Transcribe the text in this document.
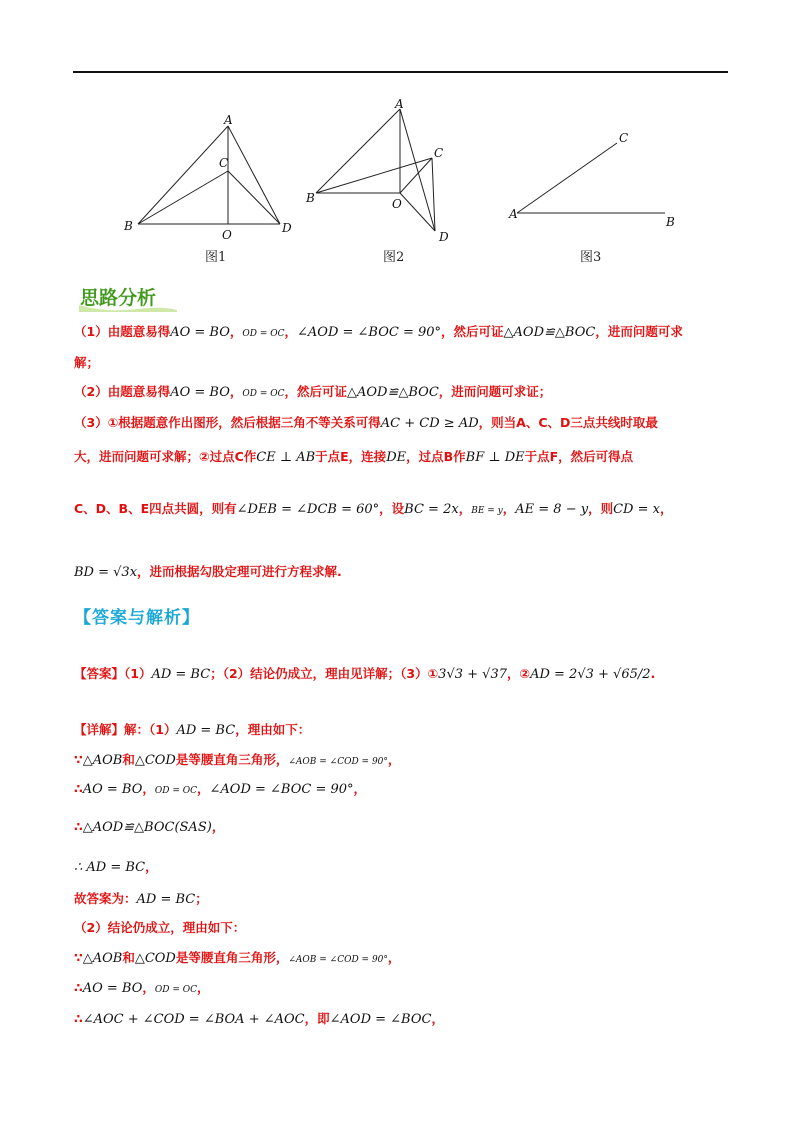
A
C
B
O	D
图1
A
C
B	O
D
图2
A
B
C
图3
思路分析
（1）由题意易得AO = BO，OD = OC，∠AOD = ∠BOC = 90°，然后可证△AOD≌△BOC，进而问题可求
解；
（2）由题意易得AO = BO，OD = OC，然后可证△AOD≌△BOC，进而问题可求证；
（3）①根据题意作出图形，然后根据三角不等关系可得AC + CD ≥ AD，则当A、C、D三点共线时取最
大，进而问题可求解；②过点C作CE ⊥ AB于点E，连接DE，过点B作BF ⊥ DE于点F，然后可得点
C、D、B、E四点共圆，则有∠DEB = ∠DCB = 60°，设BC = 2x，BE = y，AE = 8 − y，则CD = x，
BD = √3x，进而根据勾股定理可进行方程求解.
【答案与解析】
【答案】（1）AD = BC；（2）结论仍成立，理由见详解；（3）①3√3 + √37，②AD = 2√3 + √65/2.
【详解】解：（1）AD = BC，理由如下：
∵△AOB和△COD是等腰直角三角形，∠AOB = ∠COD = 90°，
∴AO = BO，OD = OC，∠AOD = ∠BOC = 90°，
∴△AOD≌△BOC(SAS)，
∴ AD = BC，
故答案为：AD = BC；
（2）结论仍成立，理由如下：
∵△AOB和△COD是等腰直角三角形，∠AOB = ∠COD = 90°，
∴AO = BO，OD = OC，
∴∠AOC + ∠COD = ∠BOA + ∠AOC，即∠AOD = ∠BOC，
